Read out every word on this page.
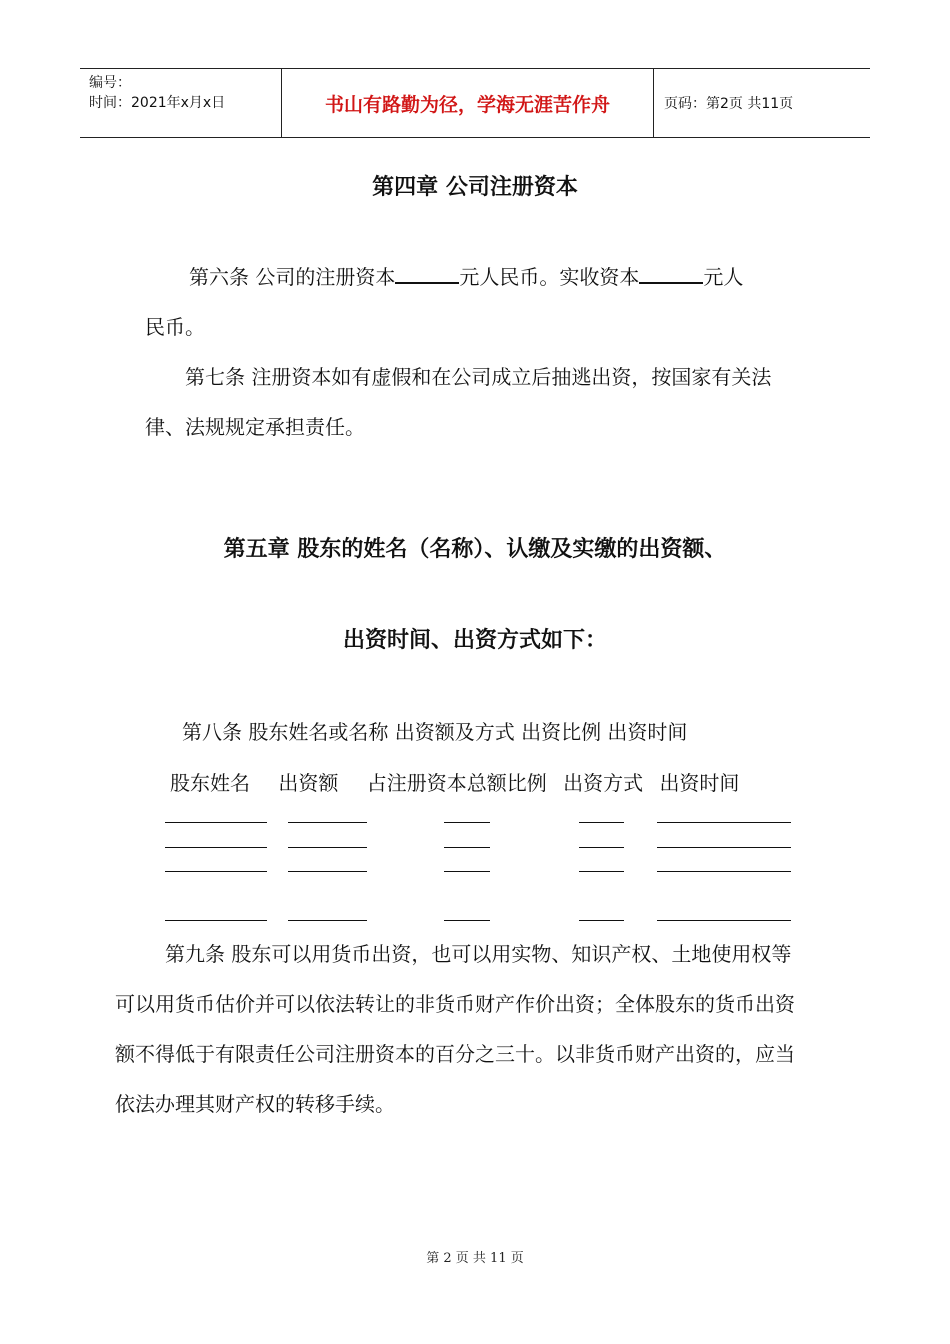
编号：
时间：2021年x月x日	书山有路勤为径，学海无涯苦作舟	页码：第2页 共11页
第四章 公司注册资本
第六条 公司的注册资本	元人民币。实收资本	元人
民币。
第七条 注册资本如有虚假和在公司成立后抽逃出资，按国家有关法律、法规规定承担责任。
第五章 股东的姓名（名称）、认缴及实缴的出资额、
出资时间、出资方式如下：
第八条 股东姓名或名称 出资额及方式 出资比例 出资时间
股东姓名 出资额 占注册资本总额比例 出资方式 出资时间
第九条 股东可以用货币出资，也可以用实物、知识产权、土地使用权等可以用货币估价并可以依法转让的非货币财产作价出资；全体股东的货币出资额不得低于有限责任公司注册资本的百分之三十。以非货币财产出资的，应当依法办理其财产权的转移手续。
第 2 页 共 11 页
